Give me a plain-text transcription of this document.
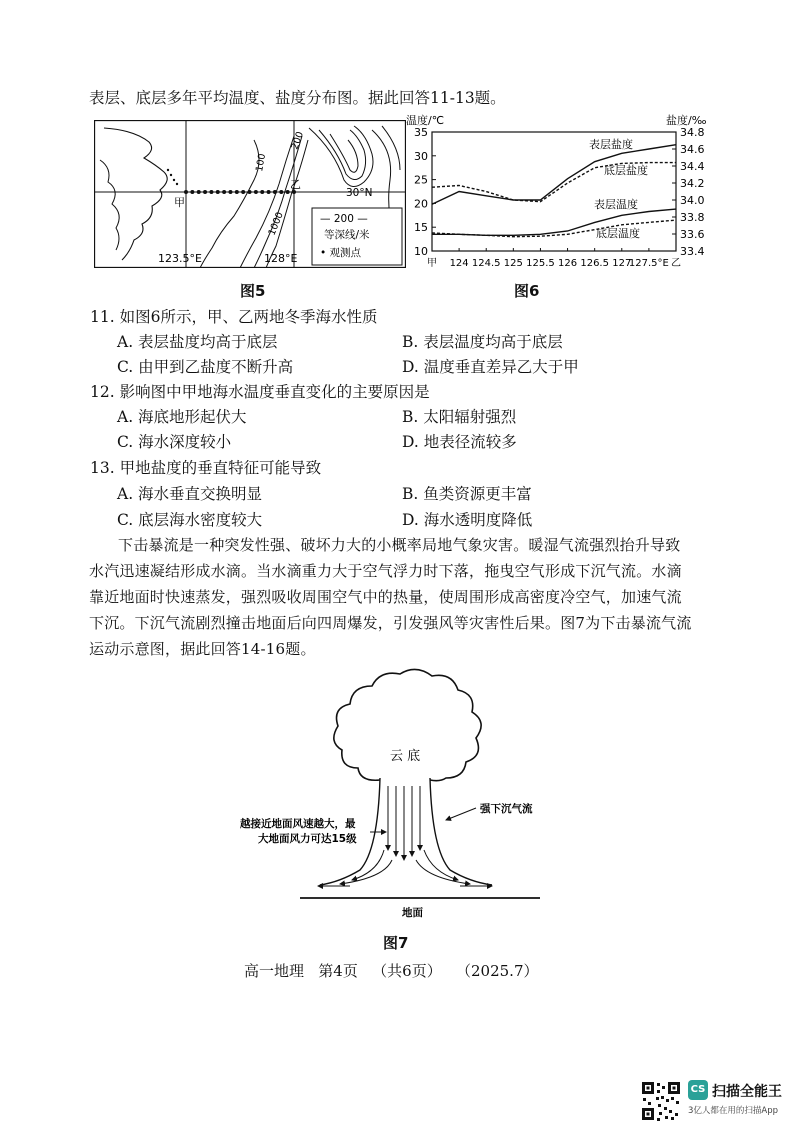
表层、底层多年平均温度、盐度分布图。据此回答11-13题。
甲
乙
30°N
123.5°E	128°E
100
200
1000	— 200 —
等深线/米
• 观测点
图5
温度/℃	盐度/‰
35
30
25
20
15
10
34.8
34.6
34.4
34.2
34.0
33.8
33.6
33.4
甲 124 124.5 125 125.5 126 126.5 127
127.5°E 乙
表层盐度
底层盐度
表层温度
底层温度
图6
11. 如图6所示，甲、乙两地冬季海水性质
A. 表层盐度均高于底层	B. 表层温度均高于底层
C. 由甲到乙盐度不断升高	D. 温度垂直差异乙大于甲
12. 影响图中甲地海水温度垂直变化的主要原因是
A. 海底地形起伏大	B. 太阳辐射强烈
C. 海水深度较小	D. 地表径流较多
13. 甲地盐度的垂直特征可能导致
A. 海水垂直交换明显	B. 鱼类资源更丰富
C. 底层海水密度较大	D. 海水透明度降低
下击暴流是一种突发性强、破坏力大的小概率局地气象灾害。暖湿气流强烈抬升导致
水汽迅速凝结形成水滴。当水滴重力大于空气浮力时下落，拖曳空气形成下沉气流。水滴
靠近地面时快速蒸发，强烈吸收周围空气中的热量，使周围形成高密度冷空气，加速气流
下沉。下沉气流剧烈撞击地面后向四周爆发，引发强风等灾害性后果。图7为下击暴流气流
运动示意图，据此回答14-16题。
云 底
地面
越接近地面风速越大，最
大地面风力可达15级
强下沉气流
图7
高一地理   第4页   （共6页）   （2025.7）
CS 扫描全能王
3亿人都在用的扫描App
